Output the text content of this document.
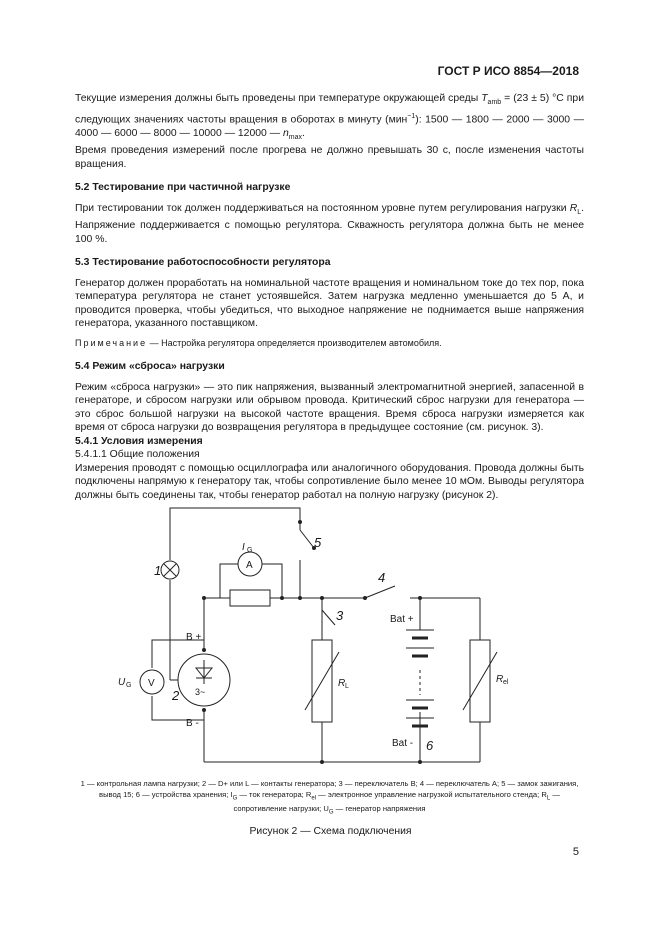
ГОСТ Р ИСО 8854—2018

Текущие измерения должны быть проведены при температуре окружающей среды $T_{amb} = (23 \pm 5)$ °С при следующих значениях частоты вращения в оборотах в минуту (мин$^{-1}$): 1500 — 1800 — 2000 — 3000 — 4000 — 6000 — 8000 — 10000 — 12000 — $n_{max}$.

Время проведения измерений после прогрева не должно превышать 30 с, после изменения частоты вращения.

5.2 Тестирование при частичной нагрузке

При тестировании ток должен поддерживаться на постоянном уровне путем регулирования нагрузки $R_L$. Напряжение поддерживается с помощью регулятора. Скважность регулятора должна быть не менее 100 %.

5.3 Тестирование работоспособности регулятора

Генератор должен проработать на номинальной частоте вращения и номинальном токе до тех пор, пока температура регулятора не станет устоявшейся. Затем нагрузка медленно уменьшается до 5 А, и проводится проверка, чтобы убедиться, что выходное напряжение не поднимается выше напряжения генератора, указанного поставщиком.

Примечание — Настройка регулятора определяется производителем автомобиля.

5.4 Режим «сброса» нагрузки

Режим «сброса нагрузки» — это пик напряжения, вызванный электромагнитной энергией, запасенной в генераторе, и сбросом нагрузки или обрывом провода. Критический сброс нагрузки для генератора — это сброс большой нагрузки на высокой частоте вращения. Время сброса нагрузки измеряется как время от сброса нагрузки до возвращения регулятора в предыдущее состояние (см. рисунок. 3).

5.4.1 Условия измерения

5.4.1.1 Общие положения

Измерения проводят с помощью осциллографа или аналогичного оборудования. Провода должны быть подключены напрямую к генератору так, чтобы сопротивление было менее 10 мОм. Выводы регулятора должны быть соединены так, чтобы генератор работал на полную нагрузку (рисунок 2).

1
2
3
4
5
6
I G
A
V
U G
B +
B -
R L
R el
Bat +
Bat -
3~
1 — контрольная лампа нагрузки; 2 — D+ или L — контакты генератора; 3 — переключатель B; 4 — переключатель A; 5 — замок зажигания, вывод 15; 6 — устройства хранения; $I_G$ — ток генератора; $R_{el}$ — электронное управление нагрузкой испытательного стенда; $R_L$ — сопротивление нагрузки; $U_G$ — генератор напряжения
Рисунок 2 — Схема подключения
5
